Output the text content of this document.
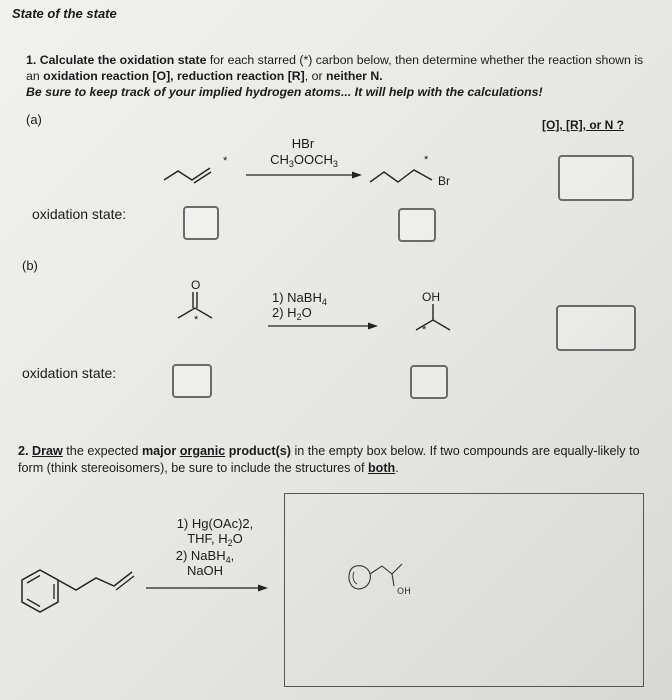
State of the state
1. Calculate the oxidation state for each starred (*) carbon below, then determine whether the reaction shown is an oxidation reaction [O], reduction reaction [R], or neither N.
Be sure to keep track of your implied hydrogen atoms... It will help with the calculations!
[O], [R], or N ?
(a)
*
HBr
$CH_3OOCH_3$	*
Br
oxidation state:
(b)
O
*
1) NaBH$_4$
2) $H_2O$
OH
*
oxidation state:
2. Draw the expected major organic product(s) in the empty box below. If two compounds are equally-likely to form (think stereoisomers), be sure to include the structures of both.
1) Hg(OAc)2,
THF, $H_2O$
2) NaBH$_4$,
NaOH
OH
